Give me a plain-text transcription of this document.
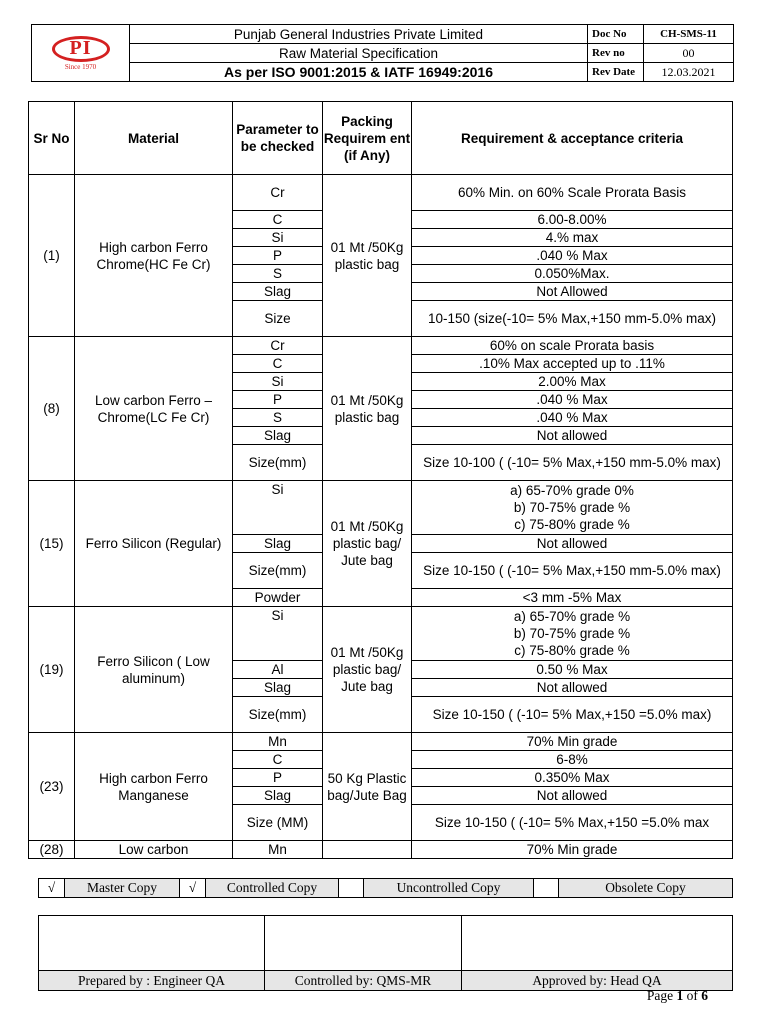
PI
Since 1970	Punjab General Industries Private Limited	Doc No	CH-SMS-11
	Raw Material Specification	Rev no	00
	As per ISO 9001:2015 & IATF 16949:2016	Rev Date	12.03.2021
Sr No	Material	Parameter to be checked	Packing Requirem ent (if Any)	Requirement & acceptance criteria
(1)	High carbon Ferro Chrome(HC Fe Cr)	Cr	01 Mt /50Kg plastic bag	60% Min. on 60% Scale Prorata Basis
		C		6.00-8.00%
		Si		4.% max
		P		.040 % Max
		S		0.050%Max.
		Slag		Not Allowed
		Size		10-150 (size(-10= 5% Max,+150 mm-5.0% max)
(8)	Low carbon Ferro –Chrome(LC Fe Cr)	Cr	01 Mt /50Kg plastic bag	60% on scale Prorata basis
		C		.10% Max accepted up to .11%
		Si		2.00% Max
		P		.040 % Max
		S		.040 % Max
		Slag		Not allowed
		Size(mm)		Size 10-100 ( (-10= 5% Max,+150 mm-5.0% max)
(15)	Ferro Silicon (Regular)	Si	01 Mt /50Kg plastic bag/ Jute bag	a) 65-70% grade 0%
b) 70-75% grade %
c) 75-80% grade %

		Slag		Not allowed
		Size(mm)		Size 10-150 ( (-10= 5% Max,+150 mm-5.0% max)
		Powder		<3 mm -5% Max
(19)	Ferro Silicon ( Low aluminum)	Si	01 Mt /50Kg plastic bag/ Jute bag	a) 65-70% grade %
b) 70-75% grade %
c) 75-80% grade %

		Al		0.50 % Max
		Slag		Not allowed
		Size(mm)		Size 10-150 ( (-10= 5% Max,+150 =5.0% max)
(23)	High carbon Ferro Manganese	Mn	50 Kg Plastic bag/Jute Bag	70% Min grade
		C		6-8%
		P		0.350% Max
		Slag		Not allowed
		Size (MM)		Size 10-150 ( (-10= 5% Max,+150 =5.0% max
(28)	Low carbon	Mn		70% Min grade
√	Master Copy	√	Controlled Copy		Uncontrolled Copy		Obsolete Copy

Prepared by : Engineer QA	Controlled by: QMS-MR	Approved by: Head QA
Page 1 of 6
